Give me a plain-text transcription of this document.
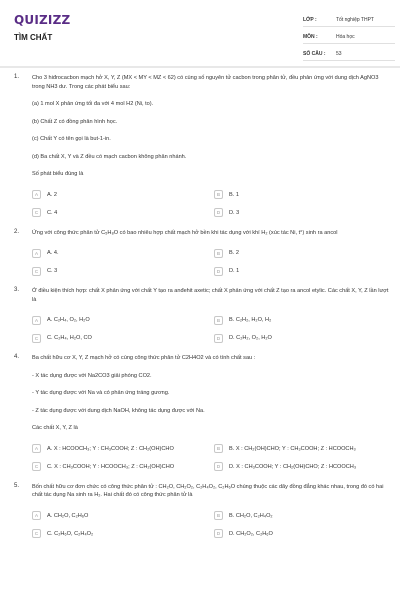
QUIZIZZ
TÌM CHẤT
LỚP :	Tốt nghiệp THPT
MÔN :	Hóa học
SỐ CÂU :	53
1. Cho 3 hiđrocacbon mạch hở X, Y, Z (MX < MY < MZ < 62) có cùng số nguyên tử cacbon trong phân tử, đều phản ứng với dung dịch AgNO3 trong NH3 dư. Trong các phát biểu sau:
(a) 1 mol X phản ứng tối đa với 4 mol H2 (Ni, to).
(b) Chất Z có đồng phân hình học.
(c) Chất Y có tên gọi là but-1-in.
(d) Ba chất X, Y và Z đều có mạch cacbon không phân nhánh.
Số phát biểu đúng là
A	A. 2	B	B. 1
C	C. 4	D	D. 3
2. Ứng với công thức phân tử C₅H₈O có bao nhiêu hợp chất mạch hở bền khi tác dụng với khí H₂ (xúc tác Ni, t°) sinh ra ancol
A	A. 4.	B	B. 2
C	C. 3	D	D. 1
3. Ở điều kiện thích hợp: chất X phản ứng với chất Y tạo ra anđehit axetic; chất X phản ứng với chất Z tạo ra ancol etylic. Các chất X, Y, Z lần lượt là
A	A. C₂H₄, O₂, H₂O	B	B. C₂H₂, H₂O, H₂
C	C. C₂H₄, H₂O, CO	D	D. C₂H₂, O₂, H₂O
4. Ba chất hữu cơ X, Y, Z mạch hở có cùng công thức phân tử C2H4O2 và có tính chất sau :
- X tác dụng được với Na2CO3 giải phóng CO2.
- Y tác dụng được với Na và có phản ứng tráng gương.
- Z tác dụng được với dung dịch NaOH, không tác dụng được với Na.
Các chất X, Y, Z là
A	A. X : HCOOCH₃; Y : CH₃COOH; Z : CH₂(OH)CHO	B	B. X : CH₂(OH)CHO; Y : CH₃COOH; Z : HCOOCH₃
C	C. X : CH₃COOH; Y : HCOOCH₃; Z : CH₂(OH)CHO	D	D. X : CH₃COOH; Y : CH₂(OH)CHO; Z : HCOOCH₃
5. Bốn chất hữu cơ đơn chức có công thức phân tử : CH₂O, CH₂O₂, C₂H₄O₂, C₂H₆O chúng thuộc các dãy đồng đẳng khác nhau, trong đó có hai chất tác dụng Na sinh ra H₂. Hai chất đó có công thức phân tử là
A	A. CH₂O, C₂H₆O	B	B. CH₂O, C₂H₄O₂
C	C. C₂H₆O, C₂H₄O₂	D	D. CH₂O₂, C₂H₆O
